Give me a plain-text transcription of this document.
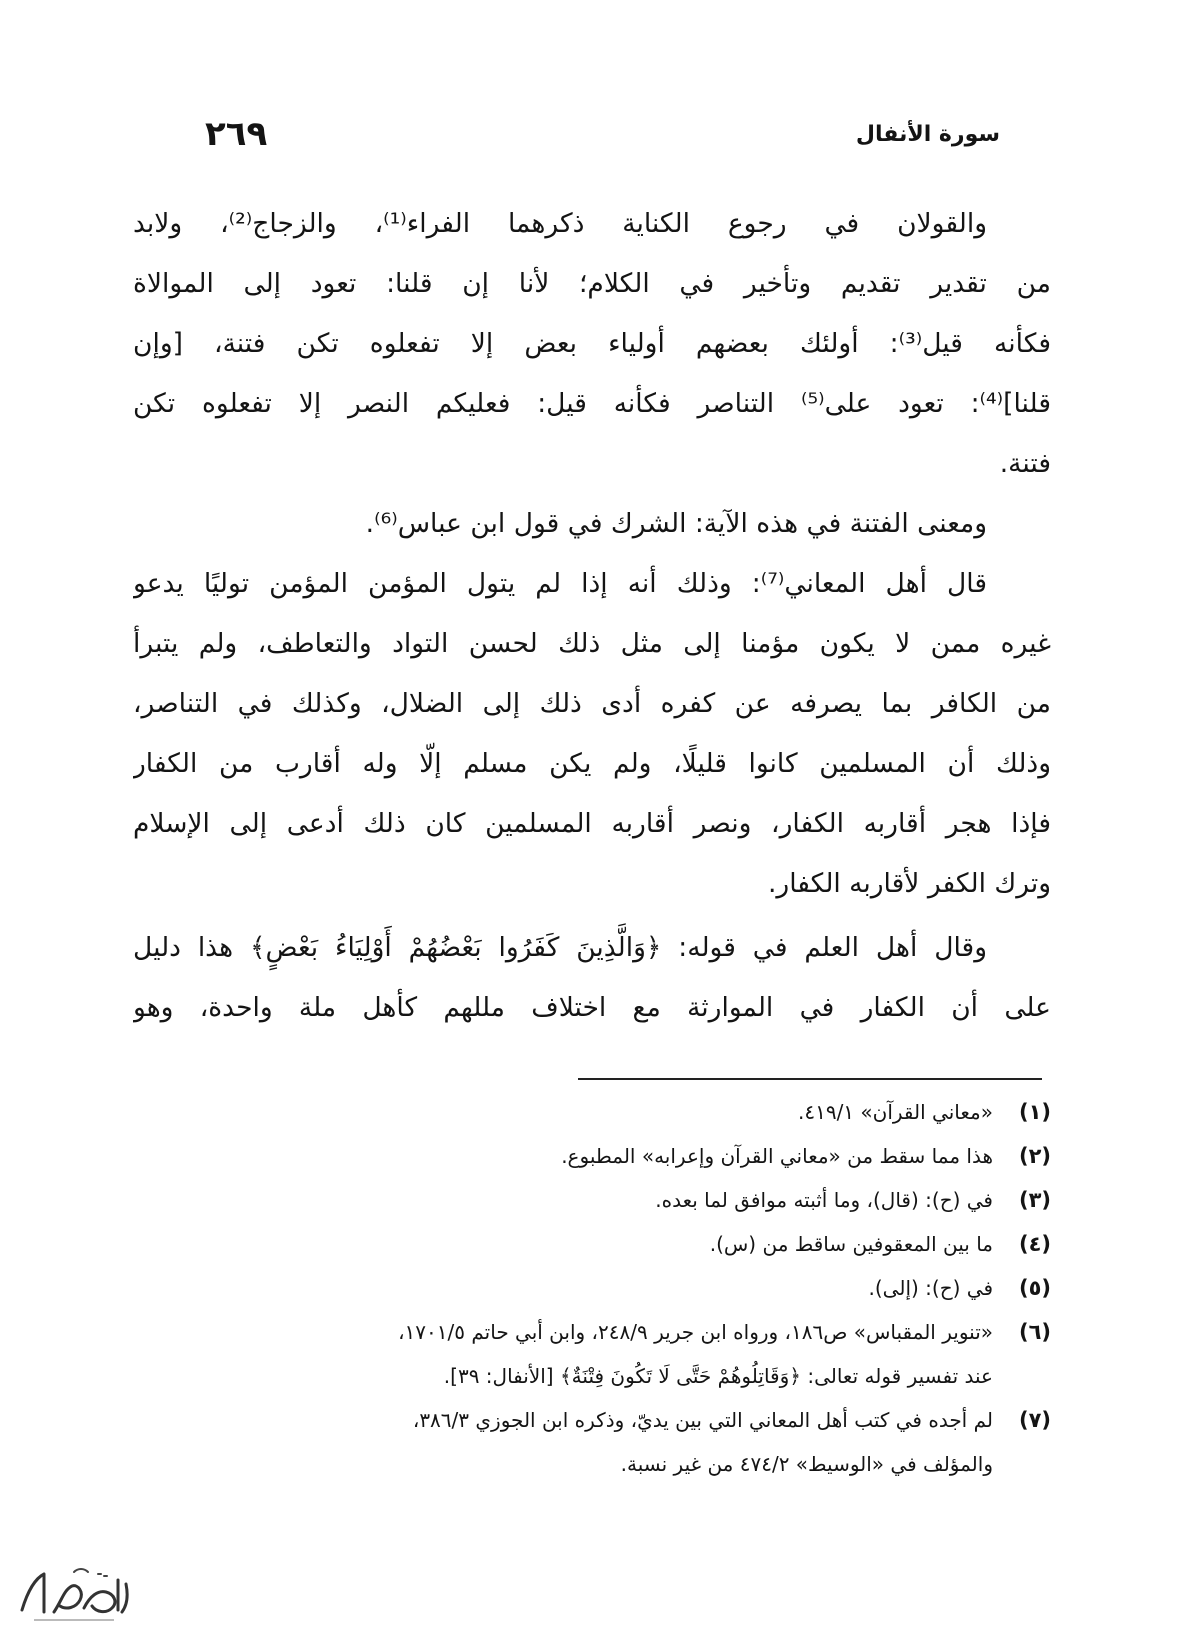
سورة الأنفال
٢٦٩
والقولان في رجوع الكناية ذكرهما الفراء⁽¹⁾، والزجاج⁽²⁾، ولابد
من تقدير تقديم وتأخير في الكلام؛ لأنا إن قلنا: تعود إلى الموالاة
فكأنه قيل⁽³⁾: أولئك بعضهم أولياء بعض إلا تفعلوه تكن فتنة، [وإن
قلنا]⁽⁴⁾: تعود على⁽⁵⁾ التناصر فكأنه قيل: فعليكم النصر إلا تفعلوه تكن
فتنة.
ومعنى الفتنة في هذه الآية: الشرك في قول ابن عباس⁽⁶⁾.
قال أهل المعاني⁽⁷⁾: وذلك أنه إذا لم يتول المؤمن المؤمن توليًا يدعو
غيره ممن لا يكون مؤمنا إلى مثل ذلك لحسن التواد والتعاطف، ولم يتبرأ
من الكافر بما يصرفه عن كفره أدى ذلك إلى الضلال، وكذلك في التناصر،
وذلك أن المسلمين كانوا قليلًا، ولم يكن مسلم إلّا وله أقارب من الكفار
فإذا هجر أقاربه الكفار، ونصر أقاربه المسلمين كان ذلك أدعى إلى الإسلام
وترك الكفر لأقاربه الكفار.
وقال أهل العلم في قوله: ﴿وَالَّذِينَ كَفَرُوا بَعْضُهُمْ أَوْلِيَاءُ بَعْضٍ﴾ هذا دليل
على أن الكفار في الموارثة مع اختلاف مللهم كأهل ملة واحدة، وهو
(١)
«معاني القرآن» ٤١٩/١.
(٢)
هذا مما سقط من «معاني القرآن وإعرابه» المطبوع.
(٣)
في (ح): (قال)، وما أثبته موافق لما بعده.
(٤)
ما بين المعقوفين ساقط من (س).
(٥)
في (ح): (إلى).
(٦)
«تنوير المقباس» ص١٨٦، ورواه ابن جرير ٢٤٨/٩، وابن أبي حاتم ١٧٠١/٥،
عند تفسير قوله تعالى: ﴿وَقَاتِلُوهُمْ حَتَّى لَا تَكُونَ فِتْنَةٌ﴾ [الأنفال: ٣٩].
(٧)
لم أجده في كتب أهل المعاني التي بين يديّ، وذكره ابن الجوزي ٣٨٦/٣،
والمؤلف في «الوسيط» ٤٧٤/٢ من غير نسبة.
